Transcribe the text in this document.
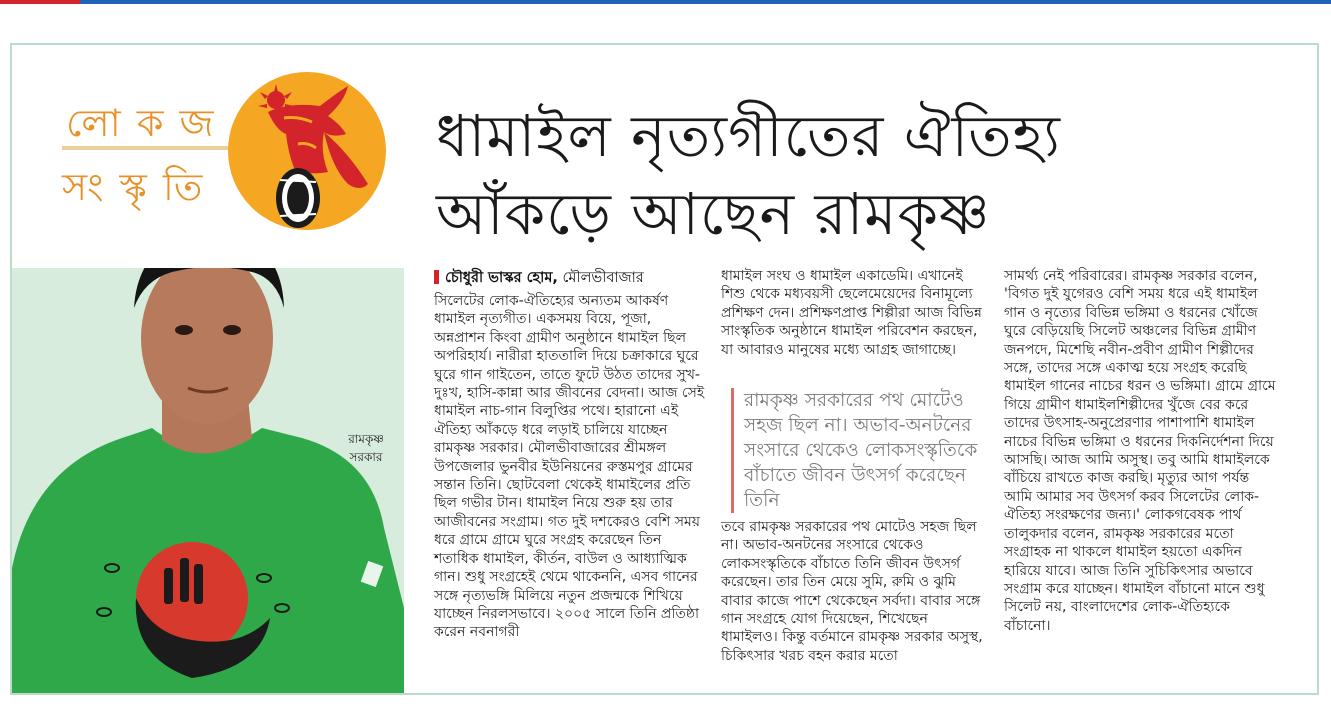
লো ক জ
সং স্কৃ তি
ধামাইল নৃত্যগীতের ঐতিহ্য
আঁকড়ে আছেন রামকৃষ্ণ
রামকৃষ্ণ
সরকার
চৌধুরী ভাস্কর হোম, মৌলভীবাজার

সিলেটের লোক-ঐতিহ্যের অন্যতম আকর্ষণ ধামাইল নৃত্যগীত। একসময় বিয়ে, পূজা, অন্নপ্রাশন কিংবা গ্রামীণ অনুষ্ঠানে ধামাইল ছিল অপরিহার্য। নারীরা হাততালি দিয়ে চক্রাকারে ঘুরে ঘুরে গান গাইতেন, তাতে ফুটে উঠত তাদের সুখ-দুঃখ, হাসি-কান্না আর জীবনের বেদনা। আজ সেই ধামাইল নাচ-গান বিলুপ্তির পথে। হারানো এই ঐতিহ্য আঁকড়ে ধরে লড়াই চালিয়ে যাচ্ছেন রামকৃষ্ণ সরকার। মৌলভীবাজারের শ্রীমঙ্গল উপজেলার ভুনবীর ইউনিয়নের রুস্তমপুর গ্রামের সন্তান তিনি। ছোটবেলা থেকেই ধামাইলের প্রতি ছিল গভীর টান। ধামাইল নিয়ে শুরু হয় তার আজীবনের সংগ্রাম। গত দুই দশকেরও বেশি সময় ধরে গ্রামে গ্রামে ঘুরে সংগ্রহ করেছেন তিন শতাধিক ধামাইল, কীর্তন, বাউল ও আধ্যাত্মিক গান। শুধু সংগ্রহেই থেমে থাকেননি, এসব গানের সঙ্গে নৃত্যভঙ্গি মিলিয়ে নতুন প্রজন্মকে শিখিয়ে যাচ্ছেন নিরলসভাবে। ২০০৫ সালে তিনি প্রতিষ্ঠা করেন নবনাগরী

ধামাইল সংঘ ও ধামাইল একাডেমি। এখানেই শিশু থেকে মধ্যবয়সী ছেলেমেয়েদের বিনামূল্যে প্রশিক্ষণ দেন। প্রশিক্ষণপ্রাপ্ত শিল্পীরা আজ বিভিন্ন সাংস্কৃতিক অনুষ্ঠানে ধামাইল পরিবেশন করছেন, যা আবারও মানুষের মধ্যে আগ্রহ জাগাচ্ছে।

রামকৃষ্ণ সরকারের পথ মোটেও সহজ ছিল না। অভাব-অনটনের সংসারে থেকেও লোকসংস্কৃতিকে বাঁচাতে জীবন উৎসর্গ করেছেন তিনি

তবে রামকৃষ্ণ সরকারের পথ মোটেও সহজ ছিল না। অভাব-অনটনের সংসারে থেকেও লোকসংস্কৃতিকে বাঁচাতে তিনি জীবন উৎসর্গ করেছেন। তার তিন মেয়ে সুমি, রুমি ও ঝুমি বাবার কাজে পাশে থেকেছেন সর্বদা। বাবার সঙ্গে গান সংগ্রহে যোগ দিয়েছেন, শিখেছেন ধামাইলও। কিন্তু বর্তমানে রামকৃষ্ণ সরকার অসুস্থ, চিকিৎসার খরচ বহন করার মতো

সামর্থ্য নেই পরিবারের। রামকৃষ্ণ সরকার বলেন, 'বিগত দুই যুগেরও বেশি সময় ধরে এই ধামাইল গান ও নৃত্যের বিভিন্ন ভঙ্গিমা ও ধরনের খোঁজে ঘুরে বেড়িয়েছি সিলেট অঞ্চলের বিভিন্ন গ্রামীণ জনপদে, মিশেছি নবীন-প্রবীণ গ্রামীণ শিল্পীদের সঙ্গে, তাদের সঙ্গে একাত্ম হয়ে সংগ্রহ করেছি ধামাইল গানের নাচের ধরন ও ভঙ্গিমা। গ্রামে গ্রামে গিয়ে গ্রামীণ ধামাইলশিল্পীদের খুঁজে বের করে তাদের উৎসাহ-অনুপ্রেরণার পাশাপাশি ধামাইল নাচের বিভিন্ন ভঙ্গিমা ও ধরনের দিকনির্দেশনা দিয়ে আসছি। আজ আমি অসুস্থ। তবু আমি ধামাইলকে বাঁচিয়ে রাখতে কাজ করছি। মৃত্যুর আগ পর্যন্ত আমি আমার সব উৎসর্গ করব সিলেটের লোক-ঐতিহ্য সংরক্ষণের জন্য।' লোকগবেষক পার্থ তালুকদার বলেন, রামকৃষ্ণ সরকারের মতো সংগ্রাহক না থাকলে ধামাইল হয়তো একদিন হারিয়ে যাবে। আজ তিনি সুচিকিৎসার অভাবে সংগ্রাম করে যাচ্ছেন। ধামাইল বাঁচানো মানে শুধু সিলেট নয়, বাংলাদেশের লোক-ঐতিহ্যকে বাঁচানো।
